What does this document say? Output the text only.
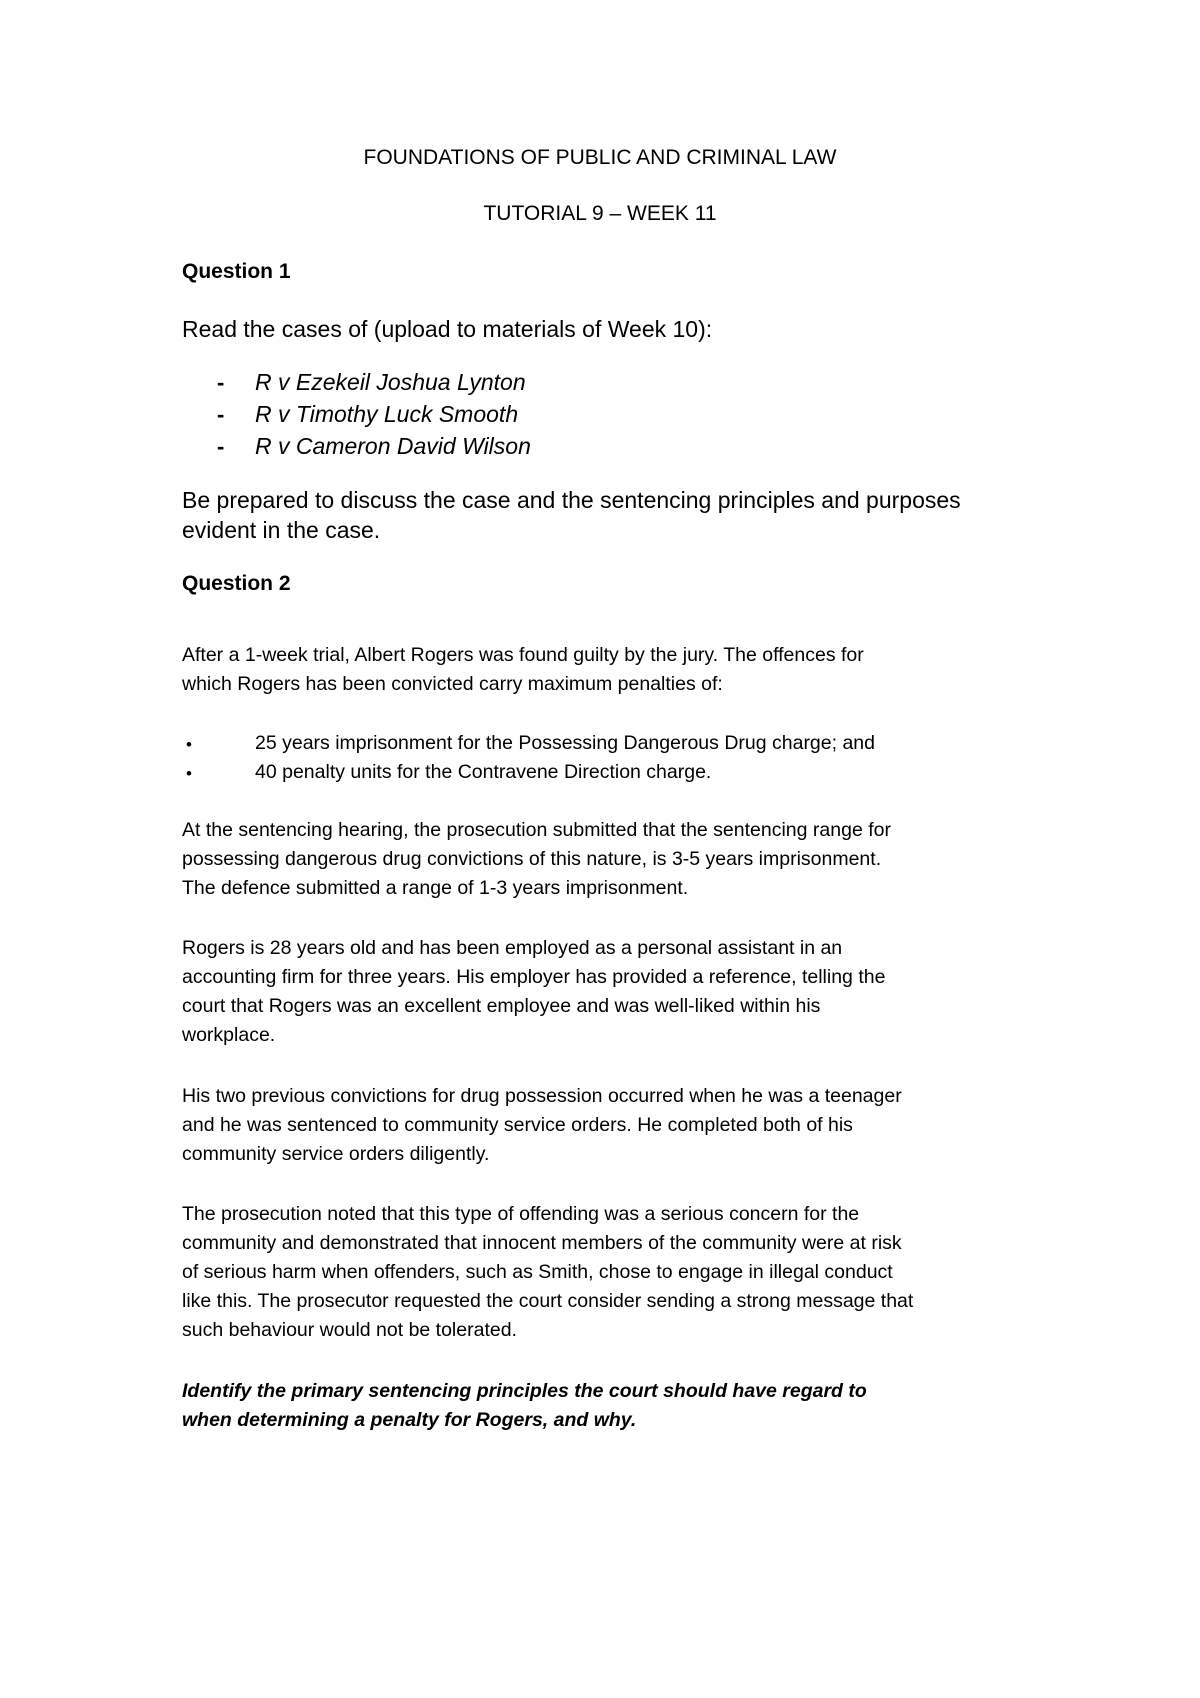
FOUNDATIONS OF PUBLIC AND CRIMINAL LAW

TUTORIAL 9 – WEEK 11

Question 1

Read the cases of (upload to materials of Week 10):

- R v Ezekeil Joshua Lynton
- R v Timothy Luck Smooth
- R v Cameron David Wilson
Be prepared to discuss the case and the sentencing principles and purposes
evident in the case.

Question 2

After a 1-week trial, Albert Rogers was found guilty by the jury. The offences for
which Rogers has been convicted carry maximum penalties of:
•	25 years imprisonment for the Possessing Dangerous Drug charge; and
•	40 penalty units for the Contravene Direction charge.
At the sentencing hearing, the prosecution submitted that the sentencing range for
possessing dangerous drug convictions of this nature, is 3-5 years imprisonment.
The defence submitted a range of 1-3 years imprisonment.
Rogers is 28 years old and has been employed as a personal assistant in an
accounting firm for three years. His employer has provided a reference, telling the
court that Rogers was an excellent employee and was well-liked within his
workplace.
His two previous convictions for drug possession occurred when he was a teenager
and he was sentenced to community service orders. He completed both of his
community service orders diligently.
The prosecution noted that this type of offending was a serious concern for the
community and demonstrated that innocent members of the community were at risk
of serious harm when offenders, such as Smith, chose to engage in illegal conduct
like this. The prosecutor requested the court consider sending a strong message that
such behaviour would not be tolerated.
Identify the primary sentencing principles the court should have regard to
when determining a penalty for Rogers, and why.
